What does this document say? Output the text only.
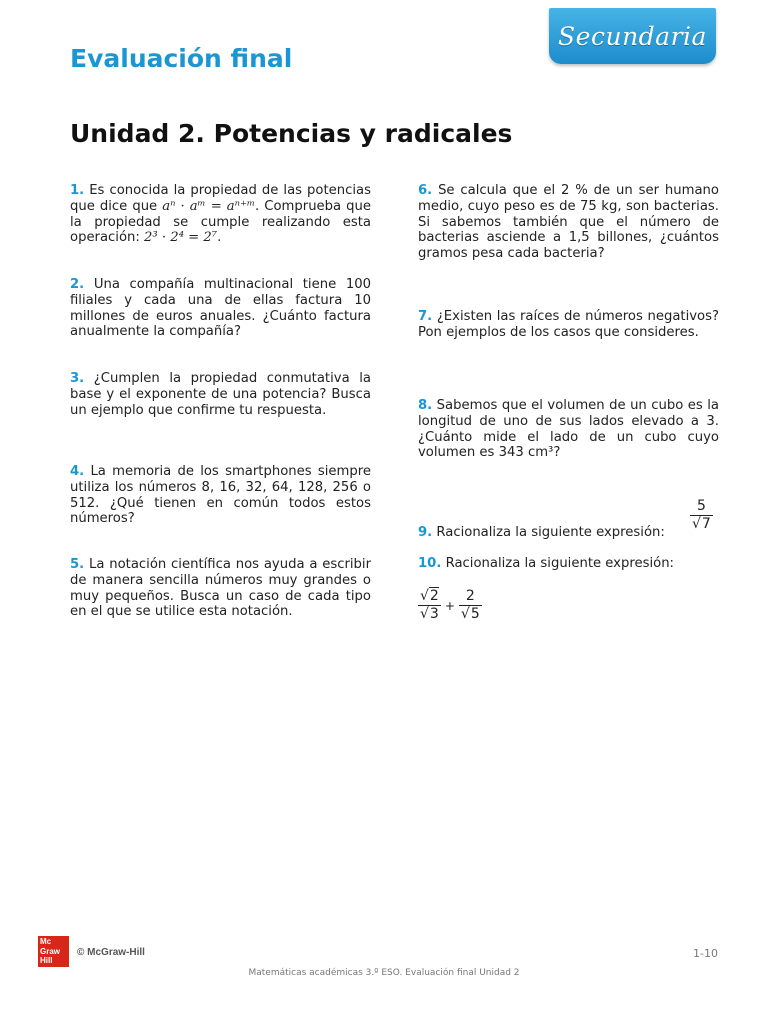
Secundaria
Evaluación final
Unidad 2. Potencias y radicales

1. Es conocida la propiedad de las potencias que dice que aⁿ · aᵐ = aⁿ⁺ᵐ. Comprueba que la propiedad se cumple realizando esta operación: 2³ · 2⁴ = 2⁷.

2. Una compañía multinacional tiene 100 filiales y cada una de ellas factura 10 millones de euros anuales. ¿Cuánto factura anualmente la compañía?

3. ¿Cumplen la propiedad conmutativa la base y el exponente de una potencia? Busca un ejemplo que confirme tu respuesta.

4. La memoria de los smartphones siempre utiliza los números 8, 16, 32, 64, 128, 256 o 512. ¿Qué tienen en común todos estos números?

5. La notación científica nos ayuda a escribir de manera sencilla números muy grandes o muy pequeños. Busca un caso de cada tipo en el que se utilice esta notación.

6. Se calcula que el 2 % de un ser humano medio, cuyo peso es de 75 kg, son bacterias. Si sabemos también que el número de bacterias asciende a 1,5 billones, ¿cuántos gramos pesa cada bacteria?

7. ¿Existen las raíces de números negativos? Pon ejemplos de los casos que consideres.

8. Sabemos que el volumen de un cubo es la longitud de uno de sus lados elevado a 3. ¿Cuánto mide el lado de un cubo cuyo volumen es 343 cm³?

$\frac{5}{√7}$

9. Racionaliza la siguiente expresión:

10. Racionaliza la siguiente expresión:

$\frac{√2}{√3} + \frac{2}{√5}$
Mc Graw Hill

© McGraw-Hill	1-10

Matemáticas académicas 3.º ESO. Evaluación final Unidad 2
